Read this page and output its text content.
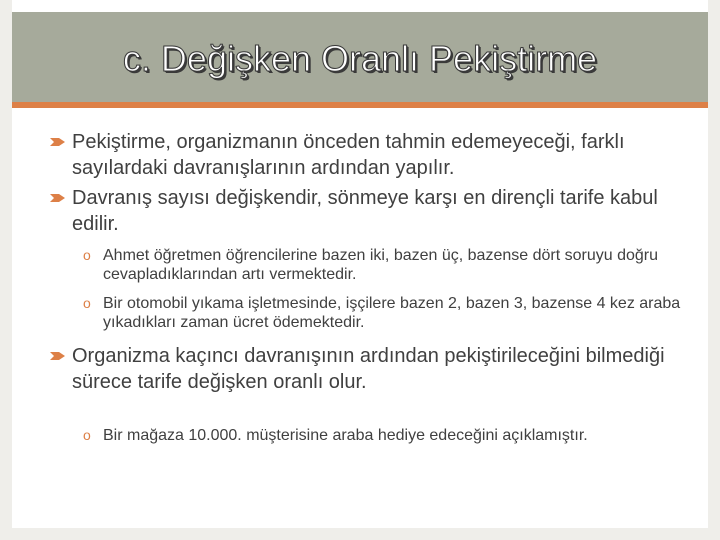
c. Değişken Oranlı Pekiştirme
Pekiştirme, organizmanın önceden tahmin edemeyeceği, farklı sayılardaki davranışlarının ardından yapılır.
Davranış sayısı değişkendir, sönmeye karşı en dirençli tarife kabul edilir.
o Ahmet öğretmen öğrencilerine bazen iki, bazen üç, bazense dört soruyu doğru cevapladıklarından artı vermektedir.
o Bir otomobil yıkama işletmesinde, işçilere bazen 2, bazen 3, bazense 4 kez araba yıkadıkları zaman ücret ödemektedir.
Organizma kaçıncı davranışının ardından pekiştirileceğini bilmediği sürece tarife değişken oranlı olur.
o Bir mağaza 10.000. müşterisine araba hediye edeceğini açıklamıştır.
